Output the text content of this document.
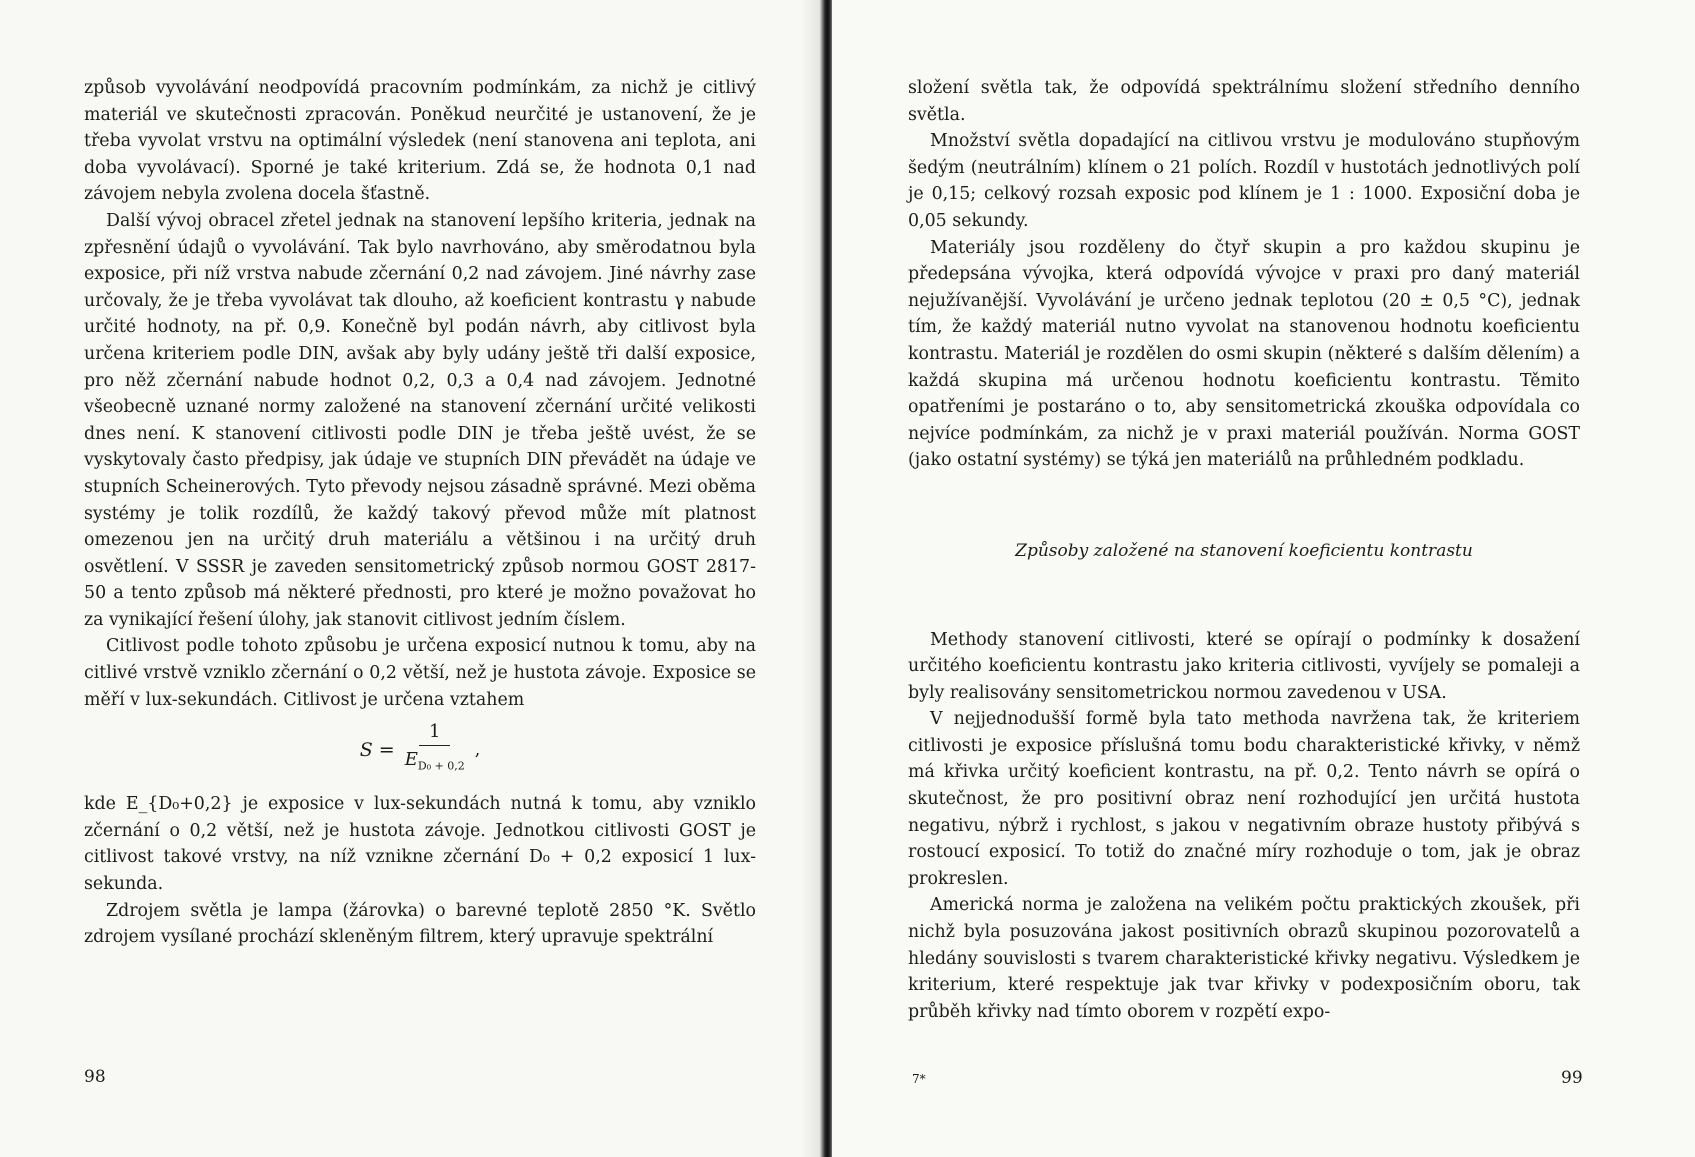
způsob vyvolávání neodpovídá pracovním podmínkám, za nichž je citlivý materiál ve skutečnosti zpracován. Poněkud neurčité je ustanovení, že je třeba vyvolat vrstvu na optimální výsledek (není stanovena ani teplota, ani doba vyvolávací). Sporné je také kriterium. Zdá se, že hodnota 0,1 nad závojem nebyla zvolena docela šťastně.

Další vývoj obracel zřetel jednak na stanovení lepšího kriteria, jednak na zpřesnění údajů o vyvolávání. Tak bylo navrhováno, aby směrodatnou byla exposice, při níž vrstva nabude zčernání 0,2 nad závojem. Jiné návrhy zase určovaly, že je třeba vyvolávat tak dlouho, až koeficient kontrastu γ nabude určité hodnoty, na př. 0,9. Konečně byl podán návrh, aby citlivost byla určena kriteriem podle DIN, avšak aby byly udány ještě tři další exposice, pro něž zčernání nabude hodnot 0,2, 0,3 a 0,4 nad závojem. Jednotné všeobecně uznané normy založené na stanovení zčernání určité velikosti dnes není. K stanovení citlivosti podle DIN je třeba ještě uvést, že se vyskytovaly často předpisy, jak údaje ve stupních DIN převádět na údaje ve stupních Scheinerových. Tyto převody nejsou zásadně správné. Mezi oběma systémy je tolik rozdílů, že každý takový převod může mít platnost omezenou jen na určitý druh materiálu a většinou i na určitý druh osvětlení. V SSSR je zaveden sensitometrický způsob normou GOST 2817-50 a tento způsob má některé přednosti, pro které je možno považovat ho za vynikající řešení úlohy, jak stanovit citlivost jedním číslem.

Citlivost podle tohoto způsobu je určena exposicí nutnou k tomu, aby na citlivé vrstvě vzniklo zčernání o 0,2 větší, než je hustota závoje. Exposice se měří v lux-sekundách. Citlivost je určena vztahem

$S = \frac{1}{E_{D_0 + 0,2}}$ ,

kde E_{D₀+0,2} je exposice v lux-sekundách nutná k tomu, aby vzniklo zčernání o 0,2 větší, než je hustota závoje. Jednotkou citlivosti GOST je citlivost takové vrstvy, na níž vznikne zčernání D₀ + 0,2 exposicí 1 lux-sekunda.

Zdrojem světla je lampa (žárovka) o barevné teplotě 2850 °K. Světlo zdrojem vysílané prochází skleněným filtrem, který upravuje spektrální

98

složení světla tak, že odpovídá spektrálnímu složení středního denního světla.

Množství světla dopadající na citlivou vrstvu je modulováno stupňovým šedým (neutrálním) klínem o 21 polích. Rozdíl v hustotách jednotlivých polí je 0,15; celkový rozsah exposic pod klínem je 1 : 1000. Exposiční doba je 0,05 sekundy.

Materiály jsou rozděleny do čtyř skupin a pro každou skupinu je předepsána vývojka, která odpovídá vývojce v praxi pro daný materiál nejužívanější. Vyvolávání je určeno jednak teplotou (20 ± 0,5 °C), jednak tím, že každý materiál nutno vyvolat na stanovenou hodnotu koeficientu kontrastu. Materiál je rozdělen do osmi skupin (některé s dalším dělením) a každá skupina má určenou hodnotu koeficientu kontrastu. Těmito opatřeními je postaráno o to, aby sensitometrická zkouška odpovídala co nejvíce podmínkám, za nichž je v praxi materiál používán. Norma GOST (jako ostatní systémy) se týká jen materiálů na průhledném podkladu.

Způsoby založené na stanovení koeficientu kontrastu

Methody stanovení citlivosti, které se opírají o podmínky k dosažení určitého koeficientu kontrastu jako kriteria citlivosti, vyvíjely se pomaleji a byly realisovány sensitometrickou normou zavedenou v USA.

V nejjednodušší formě byla tato methoda navržena tak, že kriteriem citlivosti je exposice příslušná tomu bodu charakteristické křivky, v němž má křivka určitý koeficient kontrastu, na př. 0,2. Tento návrh se opírá o skutečnost, že pro positivní obraz není rozhodující jen určitá hustota negativu, nýbrž i rychlost, s jakou v negativním obraze hustoty přibývá s rostoucí exposicí. To totiž do značné míry rozhoduje o tom, jak je obraz prokreslen.

Americká norma je založena na velikém počtu praktických zkoušek, při nichž byla posuzována jakost positivních obrazů skupinou pozorovatelů a hledány souvislosti s tvarem charakteristické křivky negativu. Výsledkem je kriterium, které respektuje jak tvar křivky v podexposičním oboru, tak průběh křivky nad tímto oborem v rozpětí expo-

7*	99
